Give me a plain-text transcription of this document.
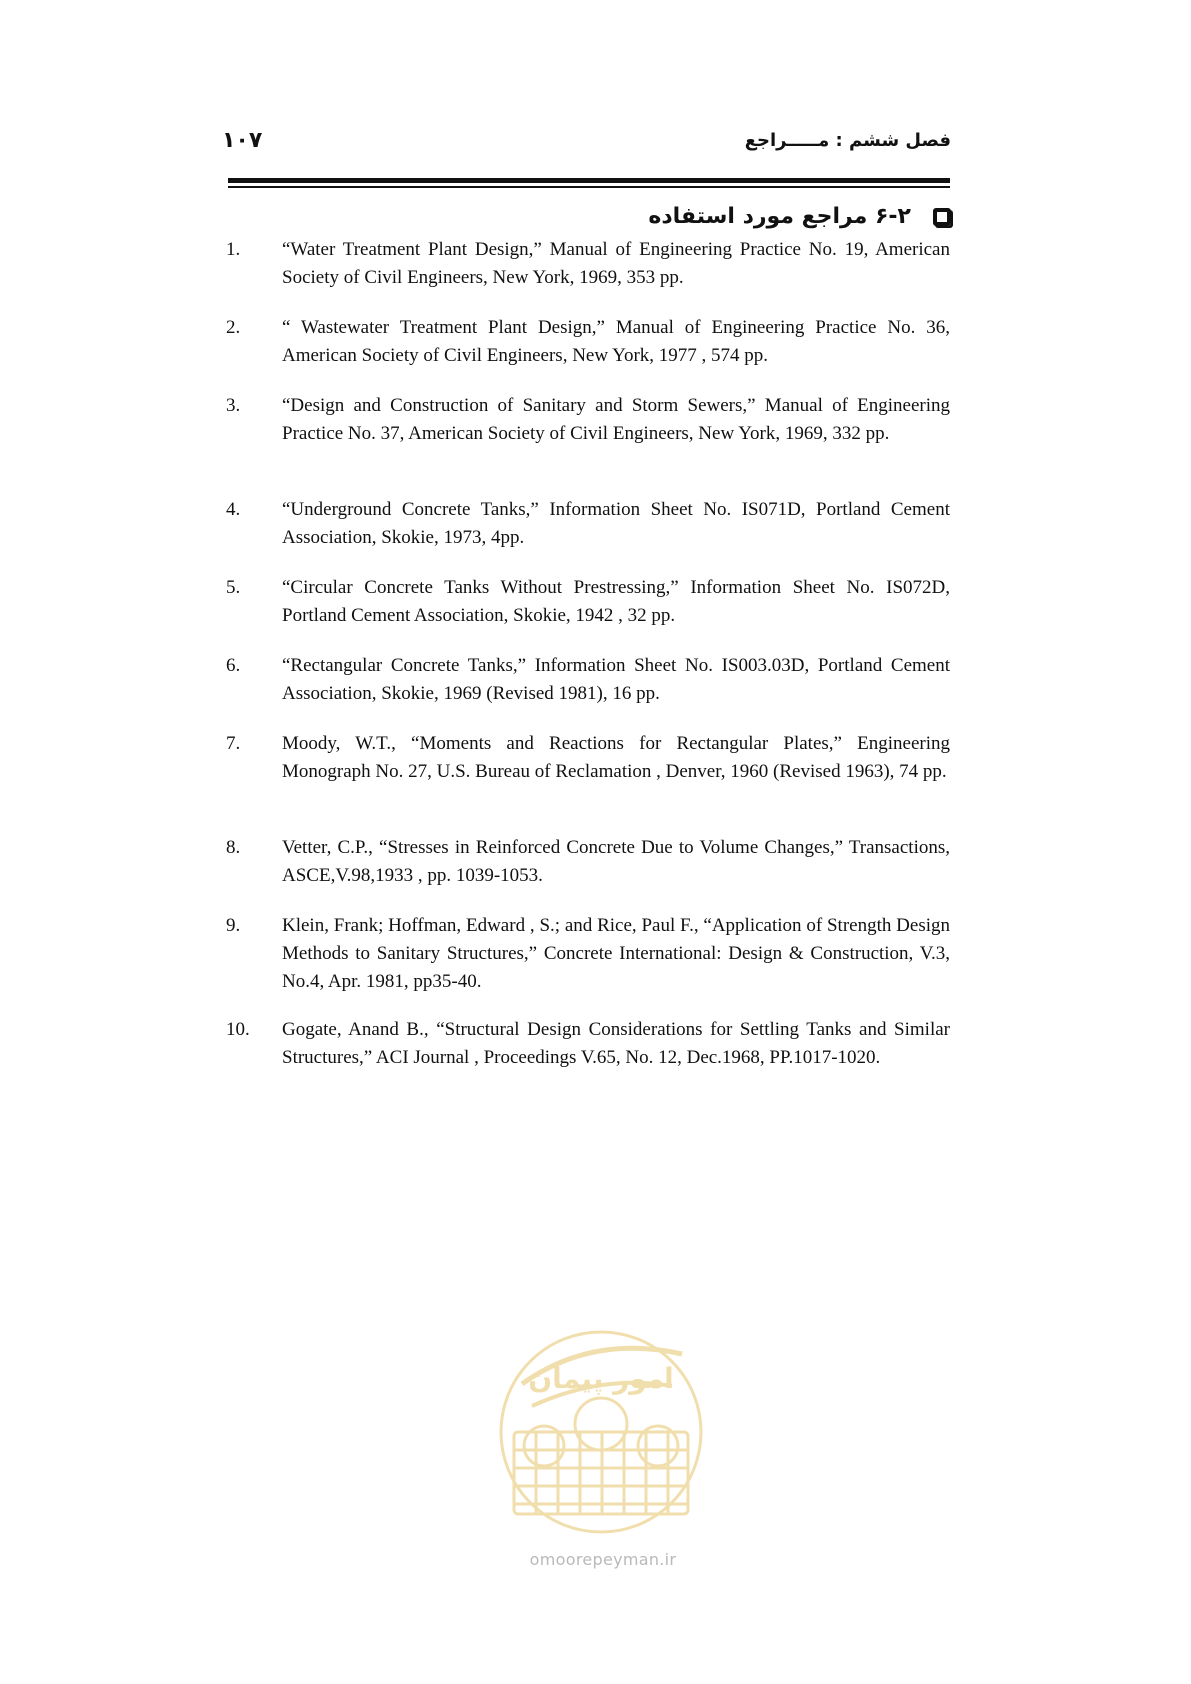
۱۰۷	فصل ششم : مـــــراجع
۶-۲ مراجع مورد استفاده
1.	“Water Treatment Plant Design,” Manual of Engineering Practice No. 19, American Society of Civil Engineers, New York, 1969, 353 pp.
2.	“ Wastewater Treatment Plant Design,” Manual of Engineering Practice No. 36, American Society of Civil Engineers, New York, 1977 , 574 pp.
3.	“Design and Construction of Sanitary and Storm Sewers,” Manual of Engineering Practice No. 37, American Society of Civil Engineers, New York, 1969, 332 pp.
4.	“Underground Concrete Tanks,” Information Sheet No. IS071D, Portland Cement Association, Skokie, 1973, 4pp.
5.	“Circular Concrete Tanks Without Prestressing,” Information Sheet No. IS072D, Portland Cement Association, Skokie, 1942 , 32 pp.
6.	“Rectangular Concrete Tanks,” Information Sheet No. IS003.03D, Portland Cement Association, Skokie, 1969 (Revised 1981), 16 pp.
7.	Moody, W.T., “Moments and Reactions for Rectangular Plates,” Engineering Monograph No. 27, U.S. Bureau of Reclamation , Denver, 1960 (Revised 1963), 74 pp.
8.	Vetter, C.P., “Stresses in Reinforced Concrete Due to Volume Changes,” Transactions, ASCE,V.98,1933 , pp. 1039-1053.
9.	Klein, Frank; Hoffman, Edward , S.; and Rice, Paul F., “Application of Strength Design Methods to Sanitary Structures,” Concrete International: Design & Construction, V.3, No.4, Apr. 1981, pp35-40.
10.	Gogate, Anand B., “Structural Design Considerations for Settling Tanks and Similar Structures,” ACI Journal , Proceedings V.65, No. 12, Dec.1968, PP.1017-1020.
امور پیمان
omoorepeyman.ir
